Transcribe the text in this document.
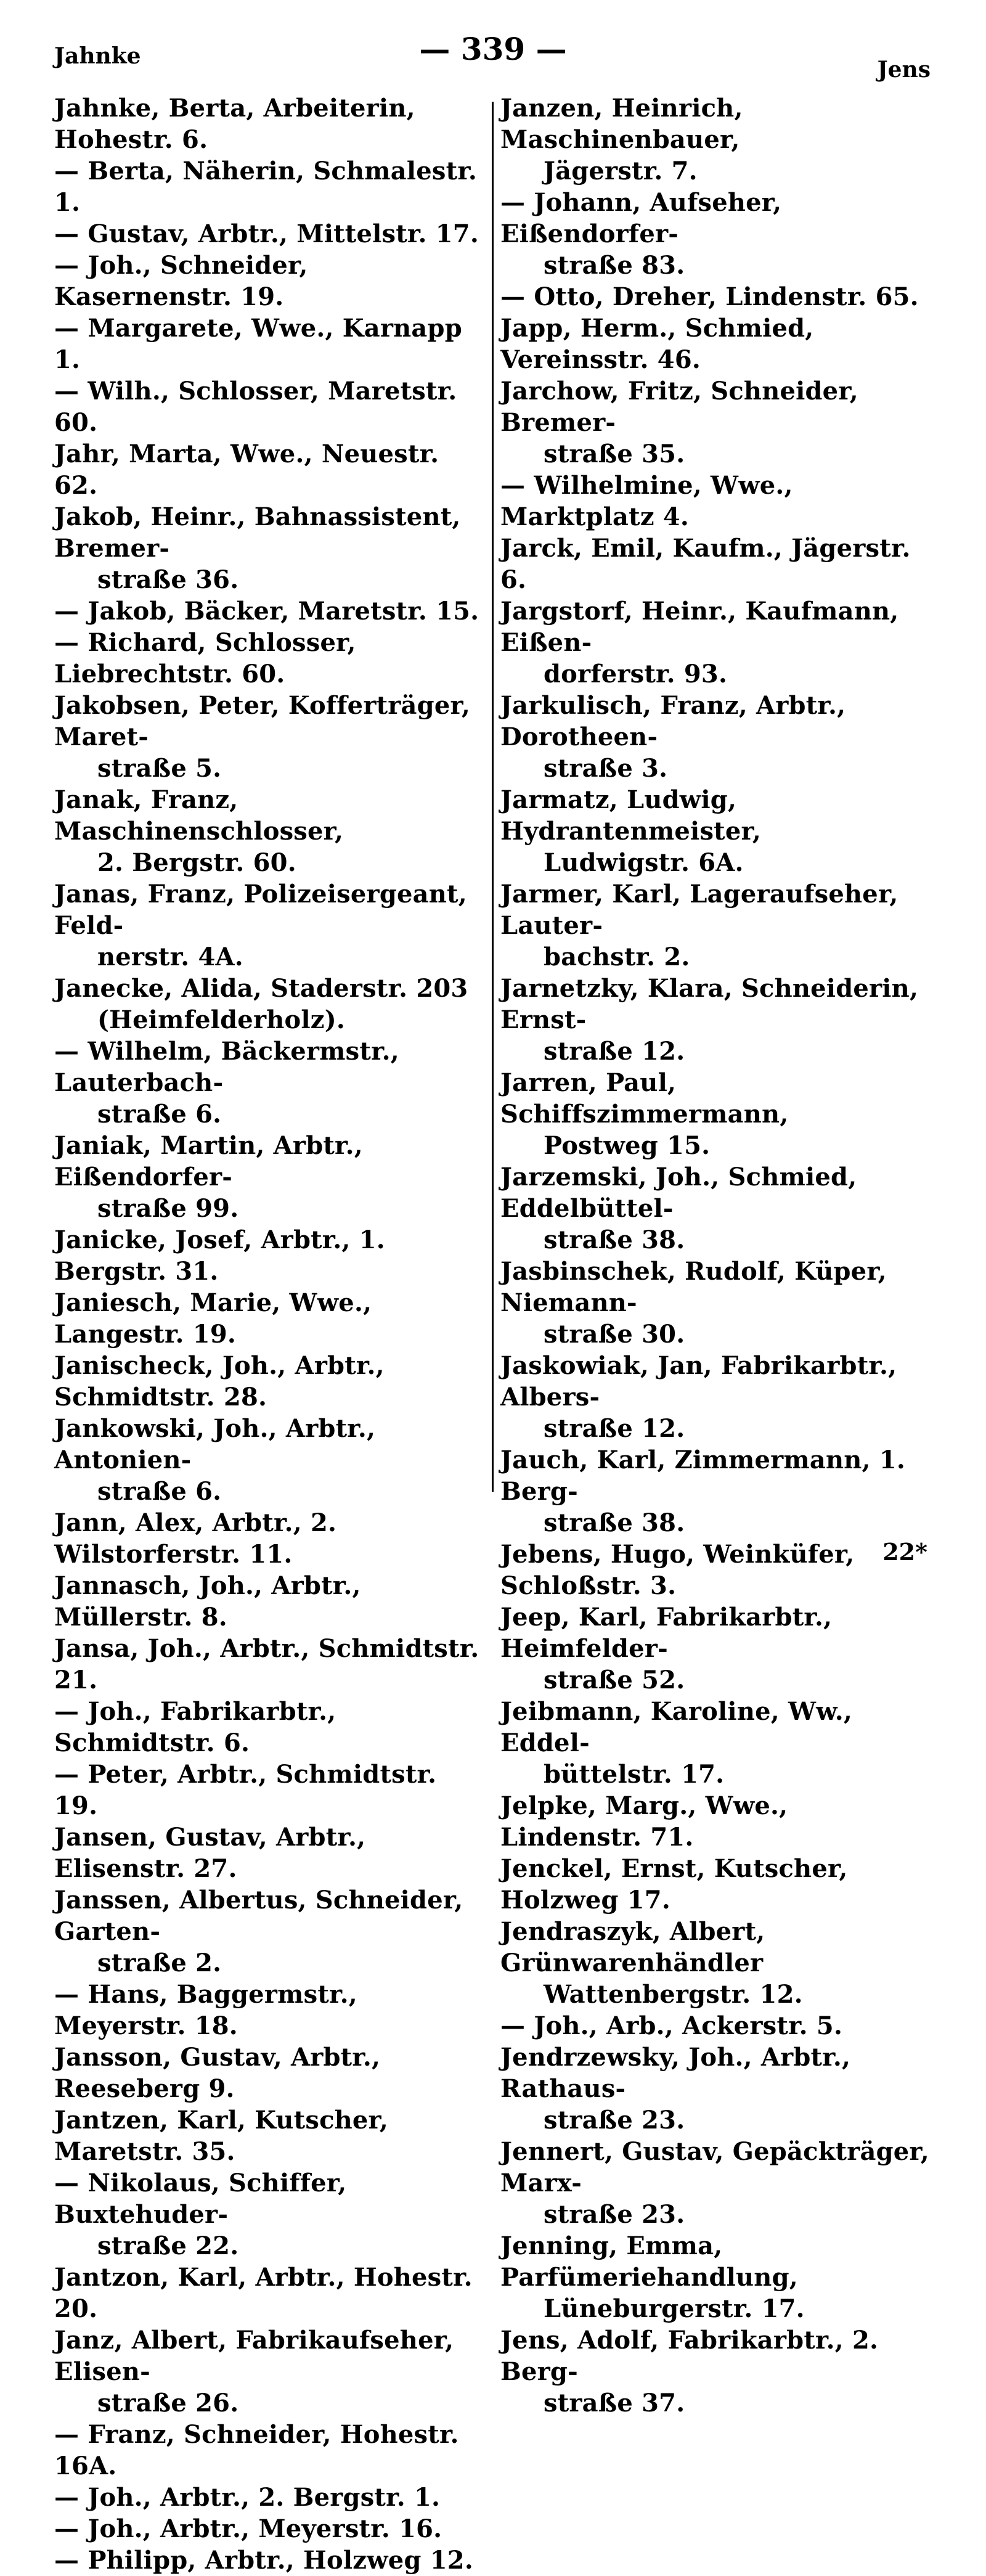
Jahnke	— 339 —
Jens
Jahnke, Berta, Arbeiterin, Hohestr. 6.
— Berta, Näherin, Schmalestr. 1.
— Gustav, Arbtr., Mittelstr. 17.
— Joh., Schneider, Kasernenstr. 19.
— Margarete, Wwe., Karnapp 1.
— Wilh., Schlosser, Maretstr. 60.
Jahr, Marta, Wwe., Neuestr. 62.
Jakob, Heinr., Bahnassistent, Bremer-
straße 36.
— Jakob, Bäcker, Maretstr. 15.
— Richard, Schlosser, Liebrechtstr. 60.
Jakobsen, Peter, Kofferträger, Maret-
straße 5.
Janak, Franz, Maschinenschlosser,
2. Bergstr. 60.
Janas, Franz, Polizeisergeant, Feld-
nerstr. 4A.
Janecke, Alida, Staderstr. 203
(Heimfelderholz).
— Wilhelm, Bäckermstr., Lauterbach-
straße 6.
Janiak, Martin, Arbtr., Eißendorfer-
straße 99.
Janicke, Josef, Arbtr., 1. Bergstr. 31.
Janiesch, Marie, Wwe., Langestr. 19.
Janischeck, Joh., Arbtr., Schmidtstr. 28.
Jankowski, Joh., Arbtr., Antonien-
straße 6.
Jann, Alex, Arbtr., 2. Wilstorferstr. 11.
Jannasch, Joh., Arbtr., Müllerstr. 8.
Jansa, Joh., Arbtr., Schmidtstr. 21.
— Joh., Fabrikarbtr., Schmidtstr. 6.
— Peter, Arbtr., Schmidtstr. 19.
Jansen, Gustav, Arbtr., Elisenstr. 27.
Janssen, Albertus, Schneider, Garten-
straße 2.
— Hans, Baggermstr., Meyerstr. 18.
Jansson, Gustav, Arbtr., Reeseberg 9.
Jantzen, Karl, Kutscher, Maretstr. 35.
— Nikolaus, Schiffer, Buxtehuder-
straße 22.
Jantzon, Karl, Arbtr., Hohestr. 20.
Janz, Albert, Fabrikaufseher, Elisen-
straße 26.
— Franz, Schneider, Hohestr. 16A.
— Joh., Arbtr., 2. Bergstr. 1.
— Joh., Arbtr., Meyerstr. 16.
— Philipp, Arbtr., Holzweg 12.
Janzen, Heinrich, Maschinenbauer,
Jägerstr. 7.
— Johann, Aufseher, Eißendorfer-
straße 83.
— Otto, Dreher, Lindenstr. 65.
Japp, Herm., Schmied, Vereinsstr. 46.
Jarchow, Fritz, Schneider, Bremer-
straße 35.
— Wilhelmine, Wwe., Marktplatz 4.
Jarck, Emil, Kaufm., Jägerstr. 6.
Jargstorf, Heinr., Kaufmann, Eißen-
dorferstr. 93.
Jarkulisch, Franz, Arbtr., Dorotheen-
straße 3.
Jarmatz, Ludwig, Hydrantenmeister,
Ludwigstr. 6A.
Jarmer, Karl, Lageraufseher, Lauter-
bachstr. 2.
Jarnetzky, Klara, Schneiderin, Ernst-
straße 12.
Jarren, Paul, Schiffszimmermann,
Postweg 15.
Jarzemski, Joh., Schmied, Eddelbüttel-
straße 38.
Jasbinschek, Rudolf, Küper, Niemann-
straße 30.
Jaskowiak, Jan, Fabrikarbtr., Albers-
straße 12.
Jauch, Karl, Zimmermann, 1. Berg-
straße 38.
Jebens, Hugo, Weinküfer, Schloßstr. 3.
Jeep, Karl, Fabrikarbtr., Heimfelder-
straße 52.
Jeibmann, Karoline, Ww., Eddel-
büttelstr. 17.
Jelpke, Marg., Wwe., Lindenstr. 71.
Jenckel, Ernst, Kutscher, Holzweg 17.
Jendraszyk, Albert, Grünwarenhändler
Wattenbergstr. 12.
— Joh., Arb., Ackerstr. 5.
Jendrzewsky, Joh., Arbtr., Rathaus-
straße 23.
Jennert, Gustav, Gepäckträger, Marx-
straße 23.
Jenning, Emma, Parfümeriehandlung,
Lüneburgerstr. 17.
Jens, Adolf, Fabrikarbtr., 2. Berg-
straße 37.
22*
